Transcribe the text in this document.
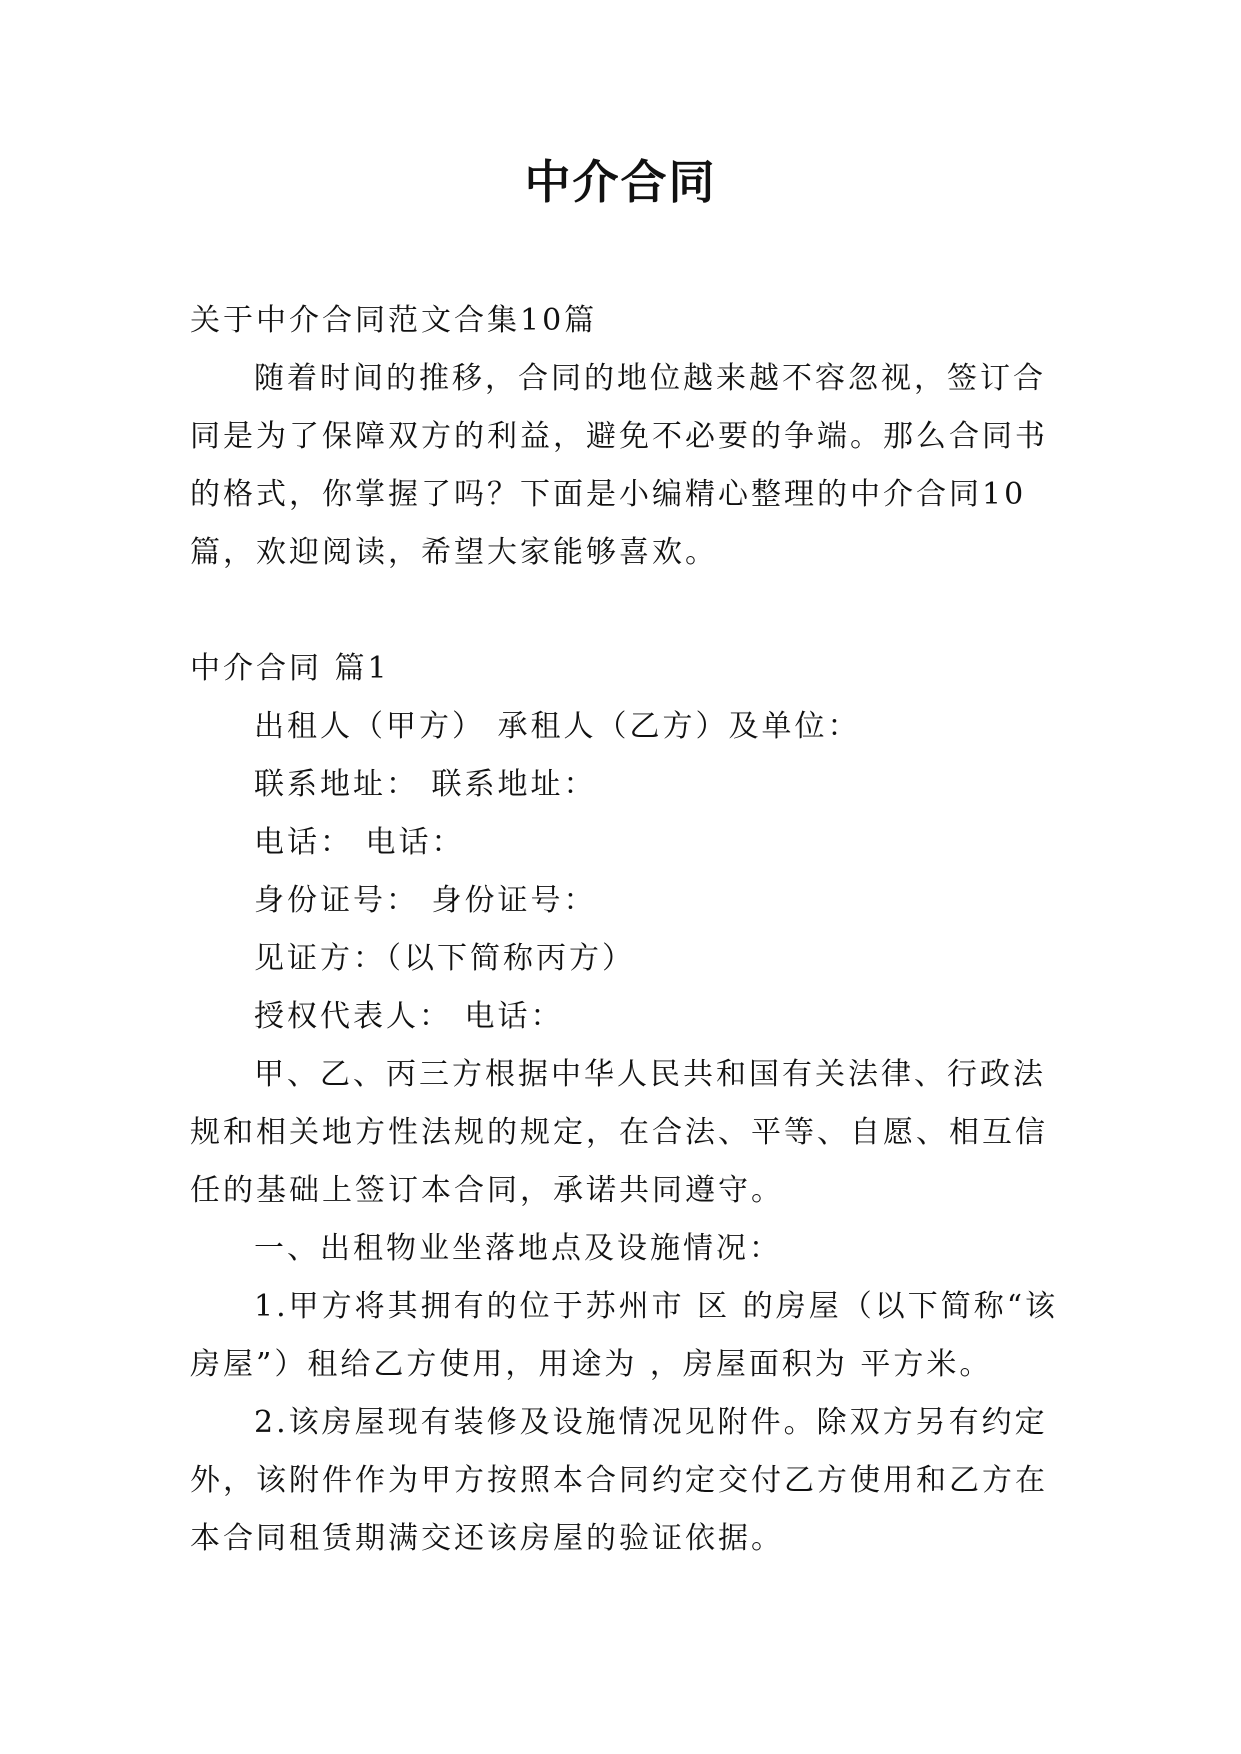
中介合同

关于中介合同范文合集10篇

随着时间的推移，合同的地位越来越不容忽视，签订合同是为了保障双方的利益，避免不必要的争端。那么合同书的格式，你掌握了吗？下面是小编精心整理的中介合同10篇，欢迎阅读，希望大家能够喜欢。

中介合同 篇1

出租人（甲方） 承租人（乙方）及单位：

联系地址： 联系地址：

电话： 电话：

身份证号： 身份证号：

见证方：（以下简称丙方）

授权代表人： 电话：

甲、乙、丙三方根据中华人民共和国有关法律、行政法规和相关地方性法规的规定，在合法、平等、自愿、相互信任的基础上签订本合同，承诺共同遵守。

一、出租物业坐落地点及设施情况：

1.甲方将其拥有的位于苏州市 区 的房屋（以下简称“该房屋”）租给乙方使用，用途为 ，房屋面积为 平方米。

2.该房屋现有装修及设施情况见附件。除双方另有约定外，该附件作为甲方按照本合同约定交付乙方使用和乙方在本合同租赁期满交还该房屋的验证依据。
